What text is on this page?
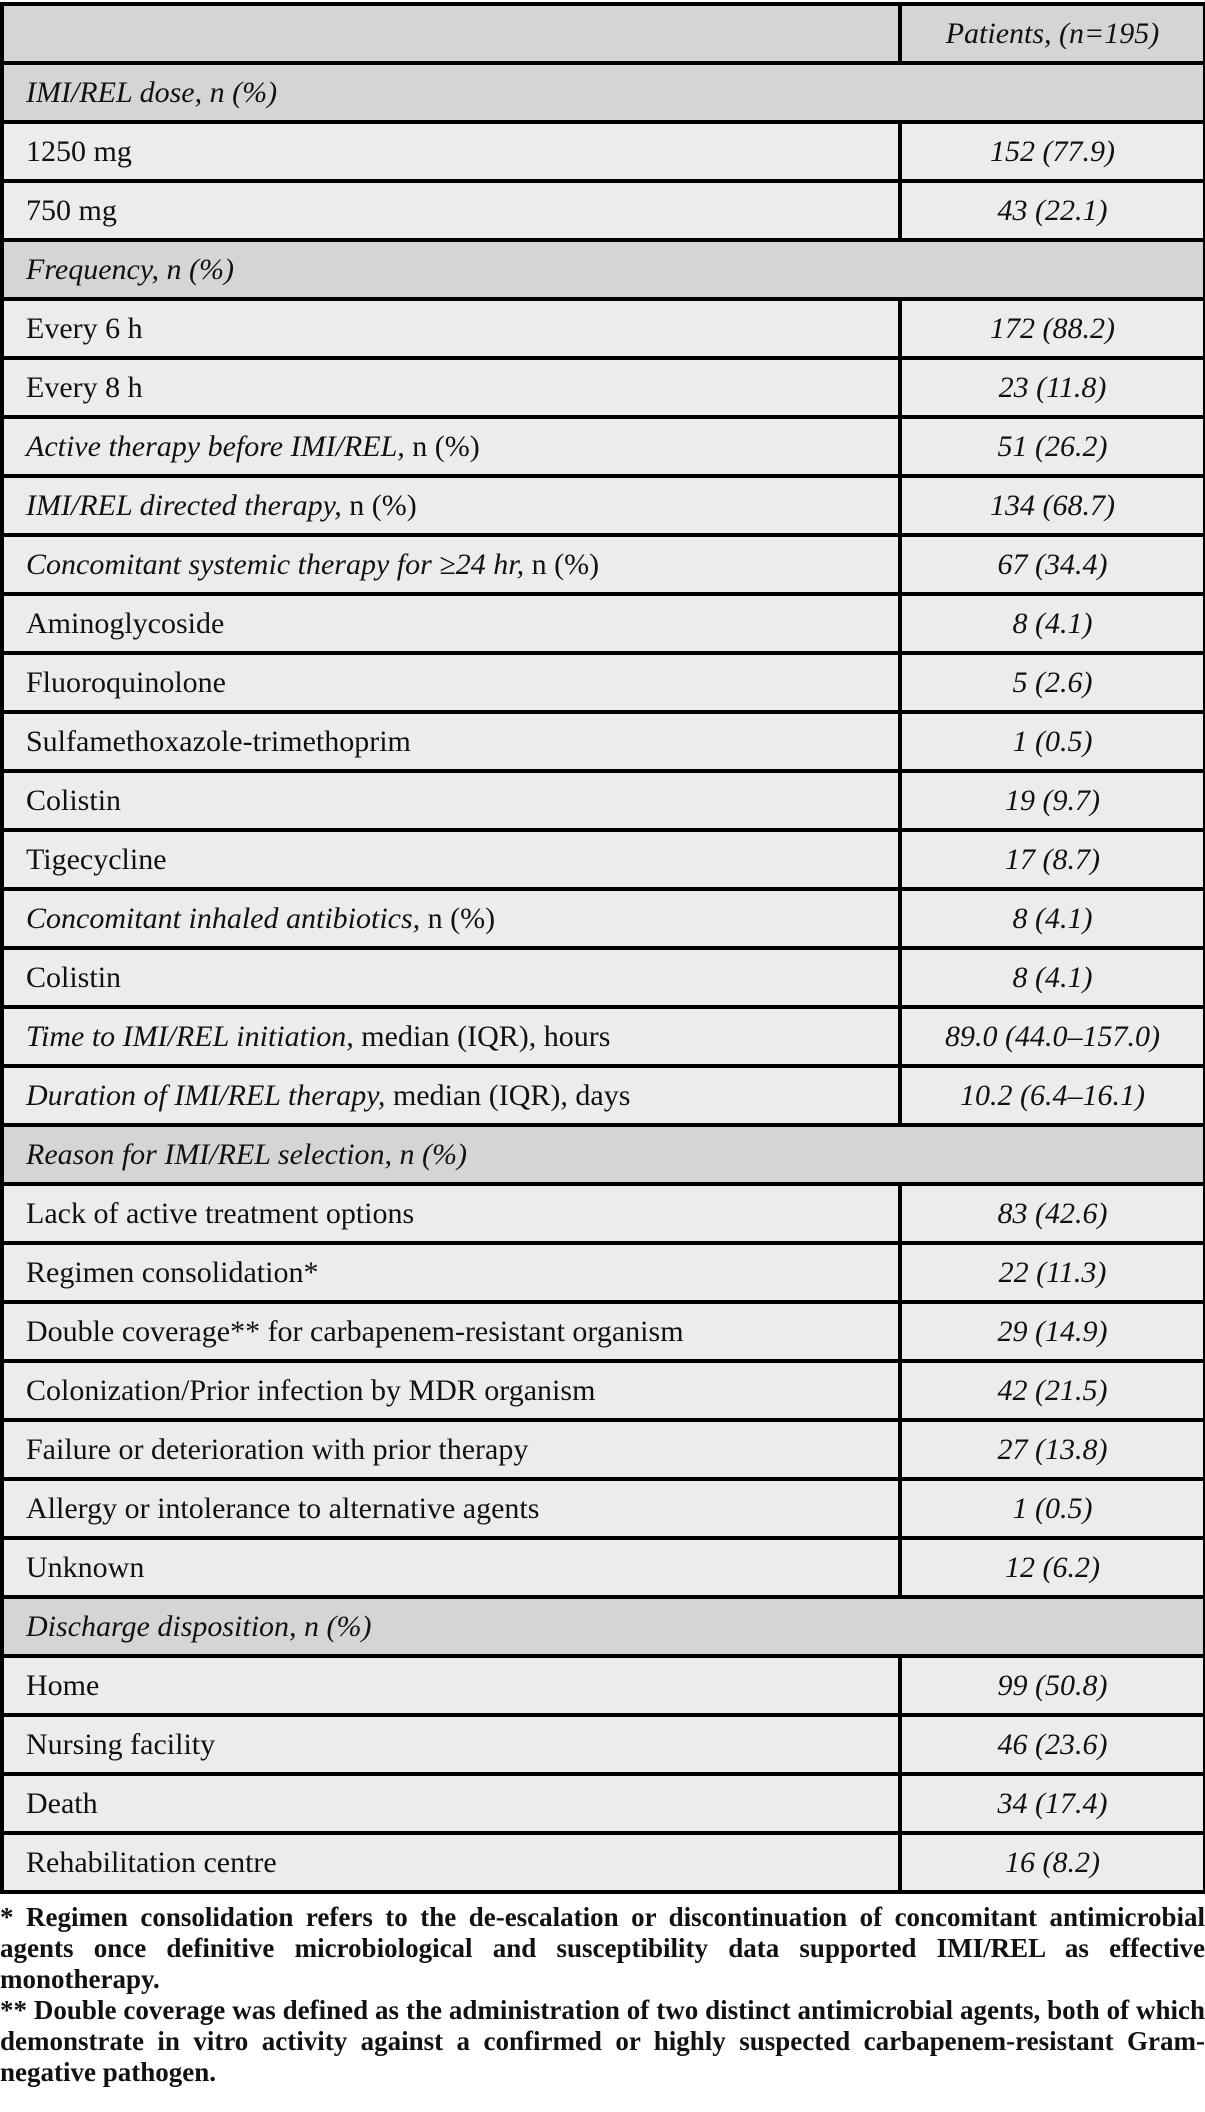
	Patients, (n=195)
IMI/REL dose, n (%)	
1250 mg	152 (77.9)
750 mg	43 (22.1)
Frequency, n (%)	
Every 6 h	172 (88.2)
Every 8 h	23 (11.8)
Active therapy before IMI/REL, n (%)	51 (26.2)
IMI/REL directed therapy, n (%)	134 (68.7)
Concomitant systemic therapy for ≥24 hr, n (%)	67 (34.4)
Aminoglycoside	8 (4.1)
Fluoroquinolone	5 (2.6)
Sulfamethoxazole-trimethoprim	1 (0.5)
Colistin	19 (9.7)
Tigecycline	17 (8.7)
Concomitant inhaled antibiotics, n (%)	8 (4.1)
Colistin	8 (4.1)
Time to IMI/REL initiation, median (IQR), hours	89.0 (44.0–157.0)
Duration of IMI/REL therapy, median (IQR), days	10.2 (6.4–16.1)
Reason for IMI/REL selection, n (%)	
Lack of active treatment options	83 (42.6)
Regimen consolidation*	22 (11.3)
Double coverage** for carbapenem-resistant organism	29 (14.9)
Colonization/Prior infection by MDR organism	42 (21.5)
Failure or deterioration with prior therapy	27 (13.8)
Allergy or intolerance to alternative agents	1 (0.5)
Unknown	12 (6.2)
Discharge disposition, n (%)	
Home	99 (50.8)
Nursing facility	46 (23.6)
Death	34 (17.4)
Rehabilitation centre	16 (8.2)

* Regimen consolidation refers to the de-escalation or discontinuation of concomitant antimicrobial agents once definitive microbiological and susceptibility data supported IMI/REL as effective monotherapy.

** Double coverage was defined as the administration of two distinct antimicrobial agents, both of which demonstrate in vitro activity against a confirmed or highly suspected carbapenem-resistant Gram-negative pathogen.
